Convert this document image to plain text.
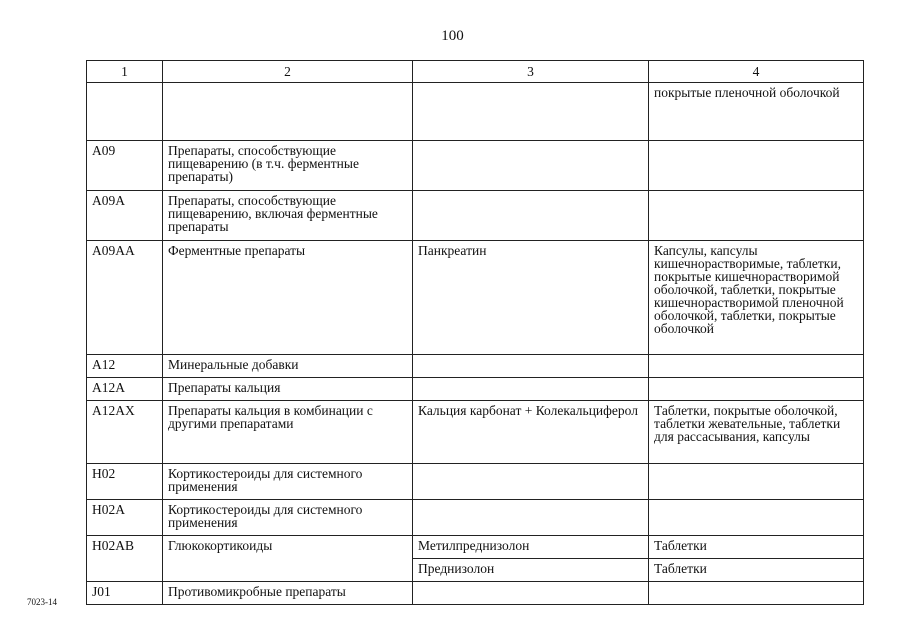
100
1	2	3	4
			покрытые пленочной оболочкой
A09	Препараты, способствующие пищеварению (в т.ч. ферментные препараты)		
A09A	Препараты, способствующие пищеварению, включая ферментные препараты		
A09AA	Ферментные препараты	Панкреатин	Капсулы, капсулы кишечнорастворимые, таблетки, покрытые кишечнорастворимой оболочкой, таблетки, покрытые кишечнорастворимой пленочной оболочкой, таблетки, покрытые оболочкой
A12	Минеральные добавки		
A12A	Препараты кальция		
A12AX	Препараты кальция в комбинации с другими препаратами	Кальция карбонат + Колекальциферол	Таблетки, покрытые оболочкой, таблетки жевательные, таблетки для рассасывания, капсулы
H02	Кортикостероиды для системного применения		
H02A	Кортикостероиды для системного применения		
H02AB	Глюкокортикоиды	Метилпреднизолон	Таблетки
		Преднизолон	Таблетки
J01	Противомикробные препараты		
7023-14
